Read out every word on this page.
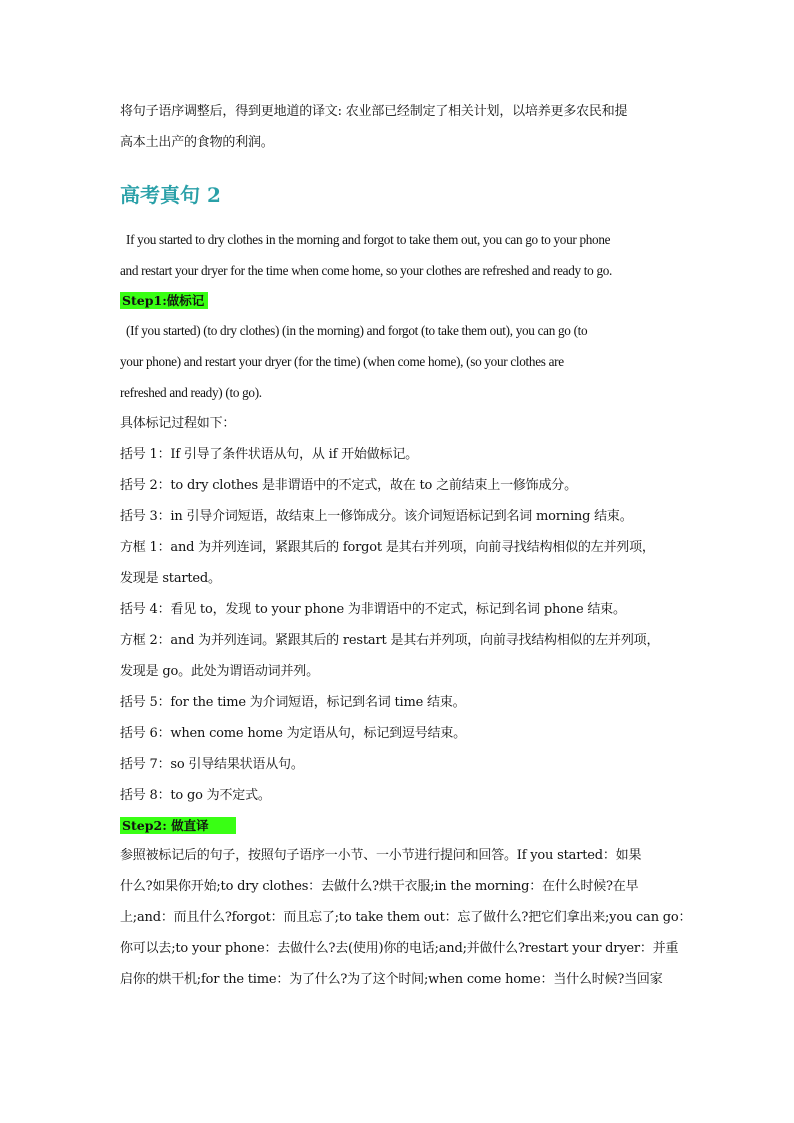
将句子语序调整后，得到更地道的译文: 农业部已经制定了相关计划，以培养更多农民和提
高本土出产的食物的利润。
高考真句 2
If you started to dry clothes in the morning and forgot to take them out, you can go to your phone
and restart your dryer for the time when come home, so your clothes are refreshed and ready to go.
Step1:做标记
(If you started) (to dry clothes) (in the morning) and forgot (to take them out), you can go (to
your phone) and restart your dryer (for the time) (when come home), (so your clothes are
refreshed and ready) (to go).
具体标记过程如下：
括号 1：If 引导了条件状语从句，从 if 开始做标记。
括号 2：to dry clothes 是非谓语中的不定式，故在 to 之前结束上一修饰成分。
括号 3：in 引导介词短语，故结束上一修饰成分。该介词短语标记到名词 morning 结束。
方框 1：and 为并列连词，紧跟其后的 forgot 是其右并列项，向前寻找结构相似的左并列项，
发现是 started。
括号 4：看见 to，发现 to your phone 为非谓语中的不定式，标记到名词 phone 结束。
方框 2：and 为并列连词。紧跟其后的 restart 是其右并列项，向前寻找结构相似的左并列项，
发现是 go。此处为谓语动词并列。
括号 5：for the time 为介词短语，标记到名词 time 结束。
括号 6：when come home 为定语从句，标记到逗号结束。
括号 7：so 引导结果状语从句。
括号 8：to go 为不定式。
Step2: 做直译
参照被标记后的句子，按照句子语序一小节、一小节进行提问和回答。If you started：如果
什么?如果你开始;to dry clothes：去做什么?烘干衣服;in the morning：在什么时候?在早
上;and：而且什么?forgot：而且忘了;to take them out：忘了做什么?把它们拿出来;you can go：
你可以去;to your phone：去做什么?去(使用)你的电话;and;并做什么?restart your dryer：并重
启你的烘干机;for the time：为了什么?为了这个时间;when come home：当什么时候?当回家
